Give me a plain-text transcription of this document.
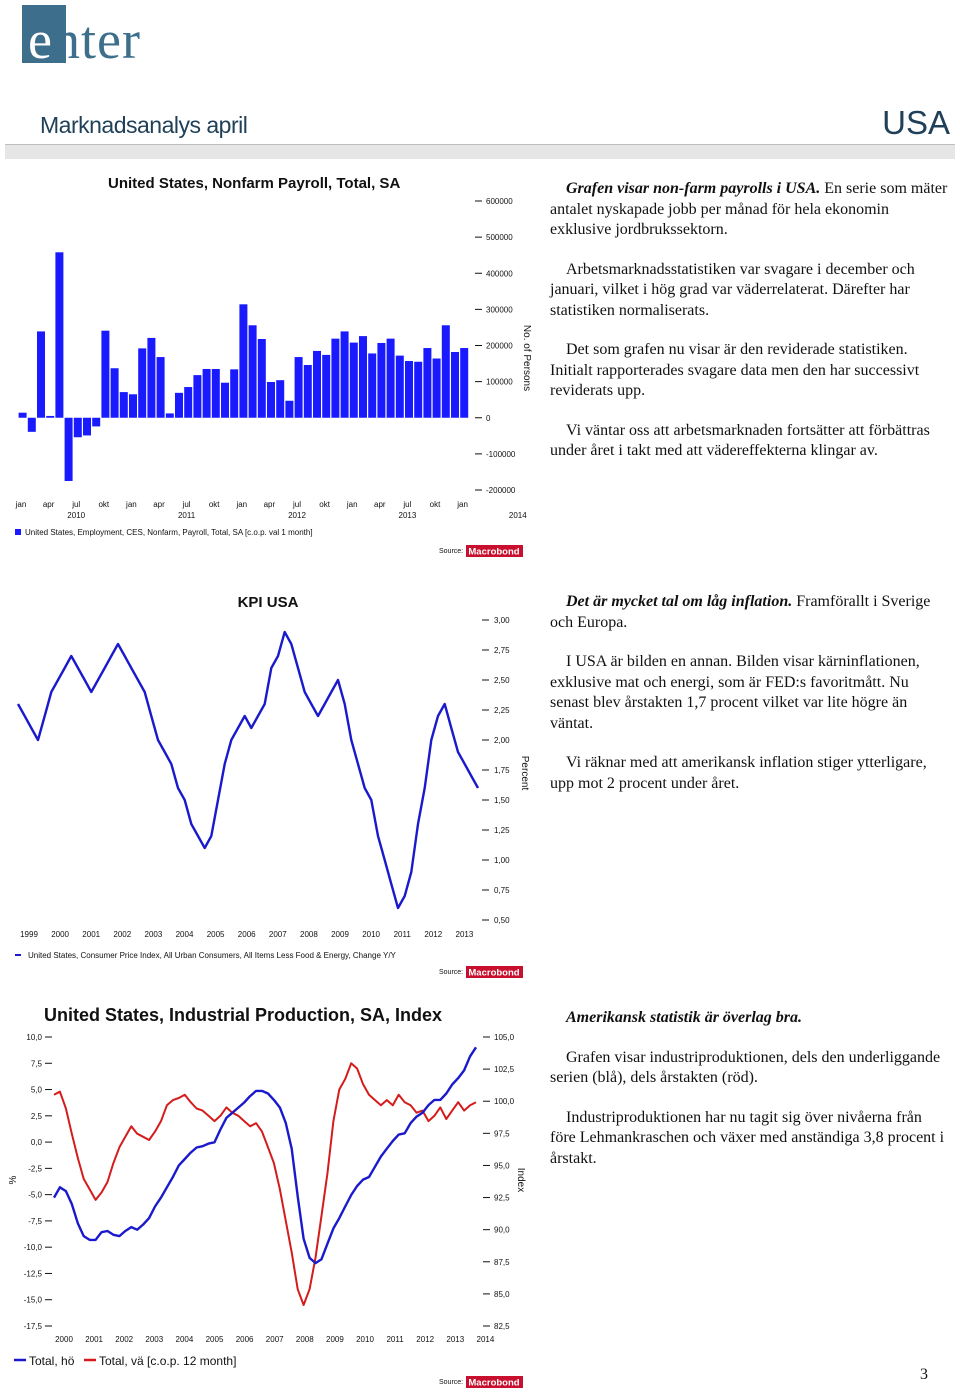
enter
Marknadsanalys april	USA
United States, Nonfarm Payroll, Total, SA
600000
500000
400000
300000
200000
100000
0
-100000
-200000
No. of Persons
jan apr jul okt jan apr jul okt jan apr jul okt jan apr jul okt jan
2010	2011	2012	2013	2014
United States, Employment, CES, Nonfarm, Payroll, Total, SA [c.o.p. val 1 month]
Source: Macrobond

Grafen visar non-farm payrolls i USA. En serie som mäter antalet nyskapade jobb per månad för hela ekonomin exklusive jordbrukssektorn.

Arbetsmarknadsstatistiken var svagare i december och januari, vilket i hög grad var väderrelaterat. Därefter har statistiken normaliserats.

Det som grafen nu visar är den reviderade statistiken. Initialt rapporterades svagare data men den har successivt reviderats upp.

Vi väntar oss att arbetsmarknaden fortsätter att förbättras under året i takt med att vädereffekterna klingar av.

KPI USA
3,00
2,75
2,50
2,25
2,00
1,75
1,50
1,25
1,00
0,75
0,50
Percent
1999 2000 2001 2002 2003 2004 2005 2006 2007 2008 2009 2010 2011 2012 2013
United States, Consumer Price Index, All Urban Consumers, All Items Less Food & Energy, Change Y/Y
Source: Macrobond

Det är mycket tal om låg inflation. Framförallt i Sverige och Europa.

I USA är bilden en annan. Bilden visar kärninflationen, exklusive mat och energi, som är FED:s favoritmått. Nu senast blev årstakten 1,7 procent vilket var lite högre än väntat.

Vi räknar med att amerikansk inflation stiger ytterligare, upp mot 2 procent under året.

United States, Industrial Production, SA, Index
10,0
7,5
5,0
2,5
0,0
-2,5
-5,0
-7,5
-10,0
-12,5
-15,0
-17,5
105,0
102,5
100,0
97,5
95,0
92,5
90,0
87,5
85,0
82,5
%	Index
2000 2001 2002 2003 2004 2005 2006 2007 2008 2009 2010 2011 2012 2013 2014
Total, hö Total, vä [c.o.p. 12 month]
Source: Macrobond

Amerikansk statistik är överlag bra.

Grafen visar industriproduktionen, dels den underliggande serien (blå), dels årstakten (röd).

Industriproduktionen har nu tagit sig över nivåerna från före Lehmankraschen och växer med anständiga 3,8 procent i årstakt.

3
